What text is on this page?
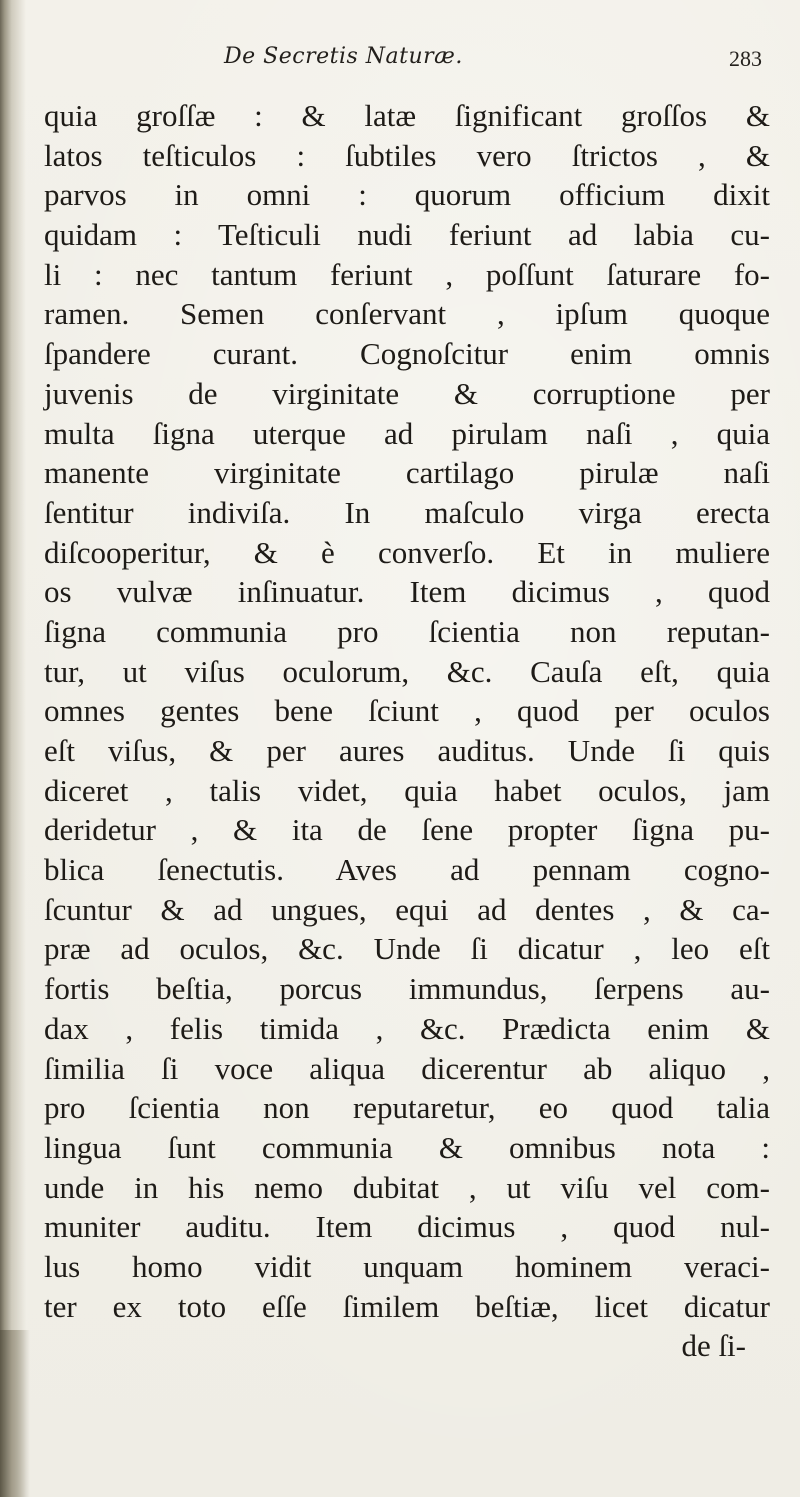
De Secretis Naturæ.	283
quia groſſæ : & latæ ſignificant groſſos &
latos teſticulos : ſubtiles vero ſtrictos , &
parvos in omni : quorum officium dixit
quidam : Teſticuli nudi feriunt ad labia cu-
li : nec tantum feriunt , poſſunt ſaturare fo-
ramen. Semen conſervant , ipſum quoque
ſpandere curant. Cognoſcitur enim omnis
juvenis de virginitate & corruptione per
multa ſigna uterque ad pirulam naſi , quia
manente virginitate cartilago pirulæ naſi
ſentitur indiviſa. In maſculo virga erecta
diſcooperitur, & è converſo. Et in muliere
os vulvæ inſinuatur. Item dicimus , quod
ſigna communia pro ſcientia non reputan-
tur, ut viſus oculorum, &c. Cauſa eſt, quia
omnes gentes bene ſciunt , quod per oculos
eſt viſus, & per aures auditus. Unde ſi quis
diceret , talis videt, quia habet oculos, jam
deridetur , & ita de ſene propter ſigna pu-
blica ſenectutis. Aves ad pennam cogno-
ſcuntur & ad ungues, equi ad dentes , & ca-
præ ad oculos, &c. Unde ſi dicatur , leo eſt
fortis beſtia, porcus immundus, ſerpens au-
dax , felis timida , &c. Prædicta enim &
ſimilia ſi voce aliqua dicerentur ab aliquo ,
pro ſcientia non reputaretur, eo quod talia
lingua ſunt communia & omnibus nota :
unde in his nemo dubitat , ut viſu vel com-
muniter auditu. Item dicimus , quod nul-
lus homo vidit unquam hominem veraci-
ter ex toto eſſe ſimilem beſtiæ, licet dicatur
de ſi-
